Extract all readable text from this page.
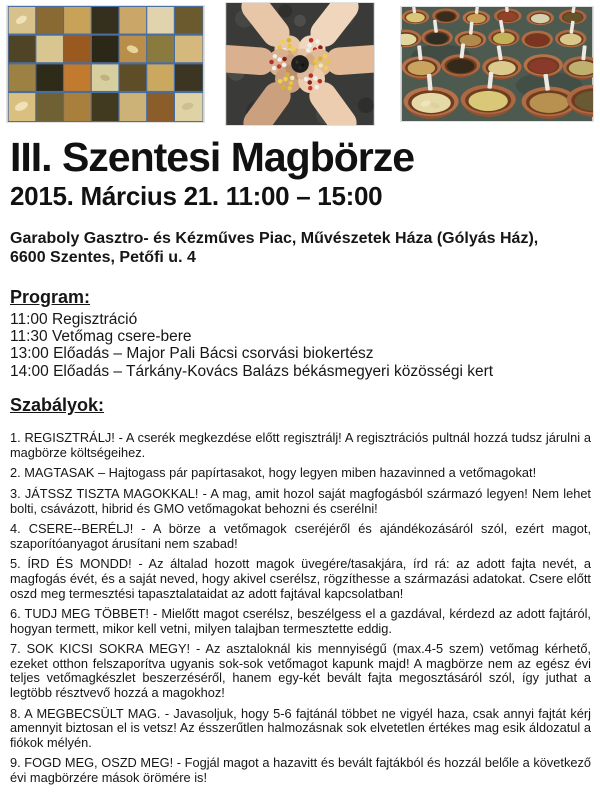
III. Szentesi Magbörze
2015. Március 21. 11:00 – 15:00

Garaboly Gasztro- és Kézműves Piac, Művészetek Háza (Gólyás Ház),
6600 Szentes, Petőfi u. 4

Program:

11:00 Regisztráció

11:30 Vetőmag csere-bere

13:00 Előadás – Major Pali Bácsi csorvási biokertész

14:00 Előadás – Tárkány-Kovács Balázs békásmegyeri közösségi kert

Szabályok:

1. REGISZTRÁLJ! - A cserék megkezdése előtt regisztrálj! A regisztrációs pultnál hozzá tudsz járulni a magbörze költségeihez.

2. MAGTASAK – Hajtogass pár papírtasakot, hogy legyen miben hazavinned a vetőmagokat!

3. JÁTSSZ TISZTA MAGOKKAL! - A mag, amit hozol saját magfogásból származó legyen! Nem lehet bolti, csávázott, hibrid és GMO vetőmagokat behozni és cserélni!

4. CSERE--BERÉLJ! - A börze a vetőmagok cseréjéről és ajándékozásáról szól, ezért magot, szaporítóanyagot árusítani nem szabad!

5. ÍRD ÉS MONDD! - Az általad hozott magok üvegére/tasakjára, írd rá: az adott fajta nevét, a magfogás évét, és a saját neved, hogy akivel cserélsz, rögzíthesse a származási adatokat. Csere előtt oszd meg termesztési tapasztalataidat az adott fajtával kapcsolatban!

6. TUDJ MEG TÖBBET! - Mielőtt magot cserélsz, beszélgess el a gazdával, kérdezd az adott fajtáról, hogyan termett, mikor kell vetni, milyen talajban termesztette eddig.

7. SOK KICSI SOKRA MEGY! - Az asztaloknál kis mennyiségű (max.4-5 szem) vetőmag kérhető, ezeket otthon felszaporítva ugyanis sok-sok vetőmagot kapunk majd! A magbörze nem az egész évi teljes vetőmagkészlet beszerzéséről, hanem egy-két bevált fajta megosztásáról szól, így juthat a legtöbb résztvevő hozzá a magokhoz!

8. A MEGBECSÜLT MAG. - Javasoljuk, hogy 5-6 fajtánál többet ne vigyél haza, csak annyi fajtát kérj amennyit biztosan el is vetsz! Az ésszerűtlen halmozásnak sok elvetetlen értékes mag esik áldozatul a fiókok mélyén.

9. FOGD MEG, OSZD MEG! - Fogjál magot a hazavitt és bevált fajtákból és hozzál belőle a következő évi magbörzére mások örömére is!
